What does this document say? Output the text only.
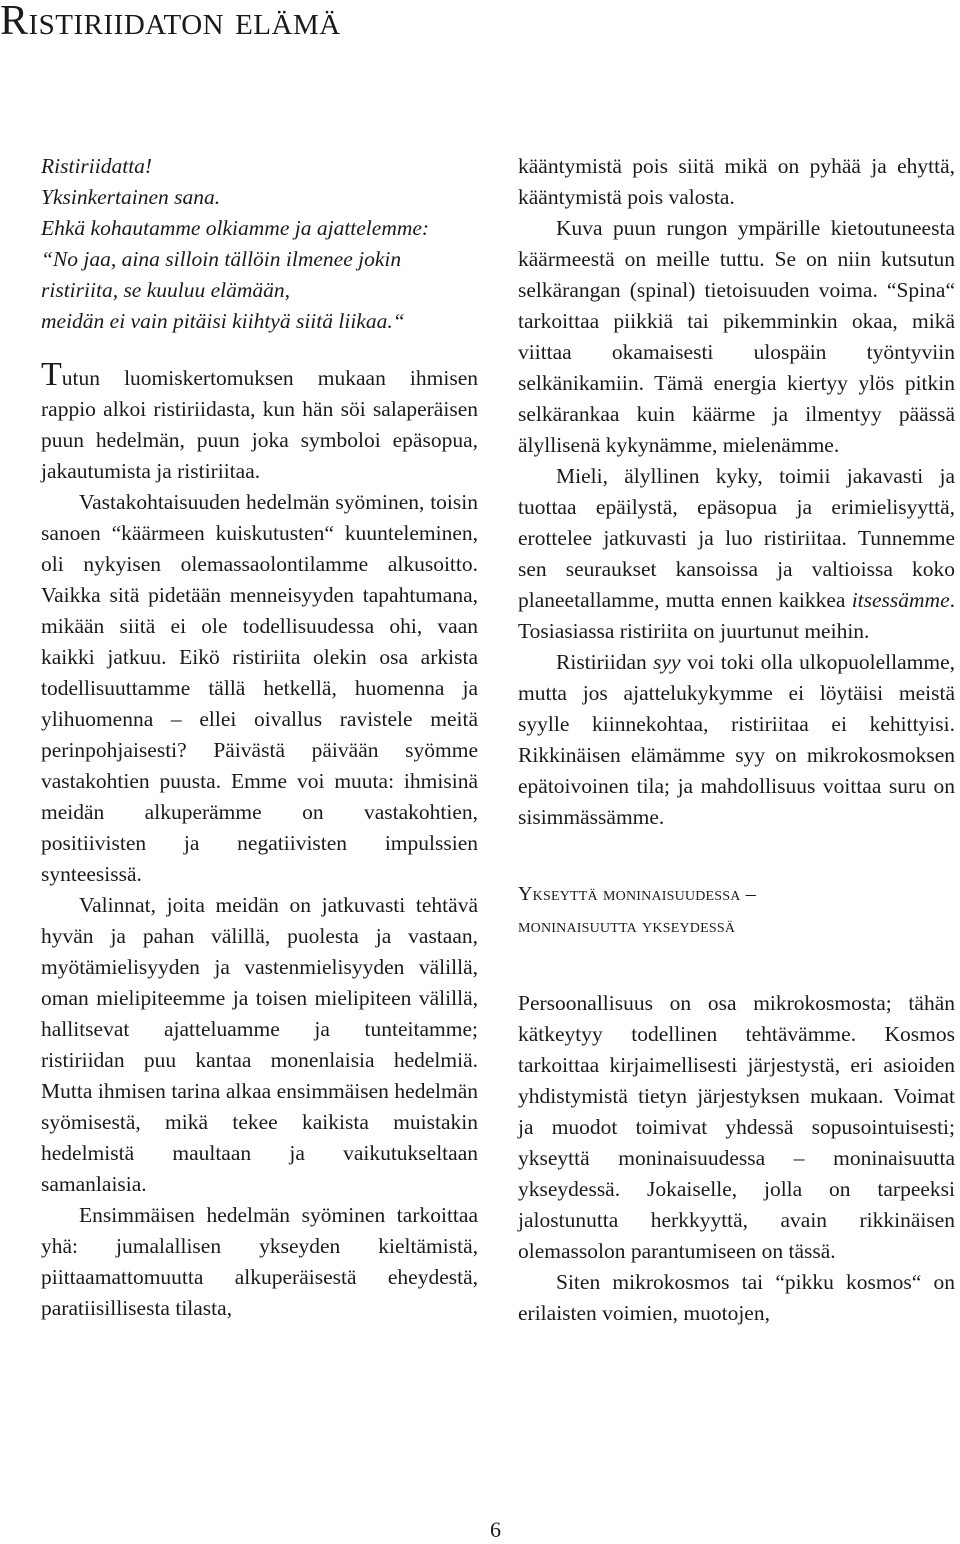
Ristiriidaton elämä
Ristiriidatta!
Yksinkertainen sana.
Ehkä kohautamme olkiamme ja ajattelemme:
“No jaa, aina silloin tällöin ilmenee jokin
ristiriita, se kuuluu elämään,
meidän ei vain pitäisi kiihtyä siitä liikaa.“

Tutun luomiskertomuksen mukaan ihmisen rappio alkoi ristiriidasta, kun hän söi salaperäisen puun hedelmän, puun joka symboloi epäsopua, jakautumista ja ristiriitaa.

Vastakohtaisuuden hedelmän syöminen, toisin sanoen “käärmeen kuiskutusten“ kuunteleminen, oli nykyisen olemassaolontilamme alkusoitto. Vaikka sitä pidetään menneisyyden tapahtumana, mikään siitä ei ole todellisuudessa ohi, vaan kaikki jatkuu. Eikö ristiriita olekin osa arkista todellisuuttamme tällä hetkellä, huomenna ja ylihuomenna – ellei oivallus ravistele meitä perinpohjaisesti? Päivästä päivään syömme vastakohtien puusta. Emme voi muuta: ihmisinä meidän alkuperämme on vastakohtien, positiivisten ja negatiivisten impulssien synteesissä.

Valinnat, joita meidän on jatkuvasti tehtävä hyvän ja pahan välillä, puolesta ja vastaan, myötämielisyyden ja vastenmielisyyden välillä, oman mielipiteemme ja toisen mielipiteen välillä, hallitsevat ajatteluamme ja tunteitamme; ristiriidan puu kantaa monenlaisia hedelmiä. Mutta ihmisen tarina alkaa ensimmäisen hedelmän syömisestä, mikä tekee kaikista muistakin hedelmistä maultaan ja vaikutukseltaan samanlaisia.

Ensimmäisen hedelmän syöminen tarkoittaa yhä: jumalallisen ykseyden kieltämistä, piittaamattomuutta alkuperäisestä eheydestä, paratiisillisesta tilasta,

kääntymistä pois siitä mikä on pyhää ja ehyttä, kääntymistä pois valosta.

Kuva puun rungon ympärille kietoutuneesta käärmeestä on meille tuttu. Se on niin kutsutun selkärangan (spinal) tietoisuuden voima. “Spina“ tarkoittaa piikkiä tai pikemminkin okaa, mikä viittaa okamaisesti ulospäin työntyviin selkänikamiin. Tämä energia kiertyy ylös pitkin selkärankaa kuin käärme ja ilmentyy päässä älyllisenä kykynämme, mielenämme.

Mieli, älyllinen kyky, toimii jakavasti ja tuottaa epäilystä, epäsopua ja erimielisyyttä, erottelee jatkuvasti ja luo ristiriitaa. Tunnemme sen seuraukset kansoissa ja valtioissa koko planeetallamme, mutta ennen kaikkea itsessämme. Tosiasiassa ristiriita on juurtunut meihin.

Ristiriidan syy voi toki olla ulkopuolellamme, mutta jos ajattelukykymme ei löytäisi meistä syylle kiinnekohtaa, ristiriitaa ei kehittyisi. Rikkinäisen elämämme syy on mikrokosmoksen epätoivoinen tila; ja mahdollisuus voittaa suru on sisimmässämme.

Ykseyttä moninaisuudessa –
moninaisuutta ykseydessä

Persoonallisuus on osa mikrokosmosta; tähän kätkeytyy todellinen tehtävämme. Kosmos tarkoittaa kirjaimellisesti järjestystä, eri asioiden yhdistymistä tietyn järjestyksen mukaan. Voimat ja muodot toimivat yhdessä sopusointuisesti; ykseyttä moninaisuudessa – moninaisuutta ykseydessä. Jokaiselle, jolla on tarpeeksi jalostunutta herkkyyttä, avain rikkinäisen olemassolon parantumiseen on tässä.

Siten mikrokosmos tai “pikku kosmos“ on erilaisten voimien, muotojen,

6
